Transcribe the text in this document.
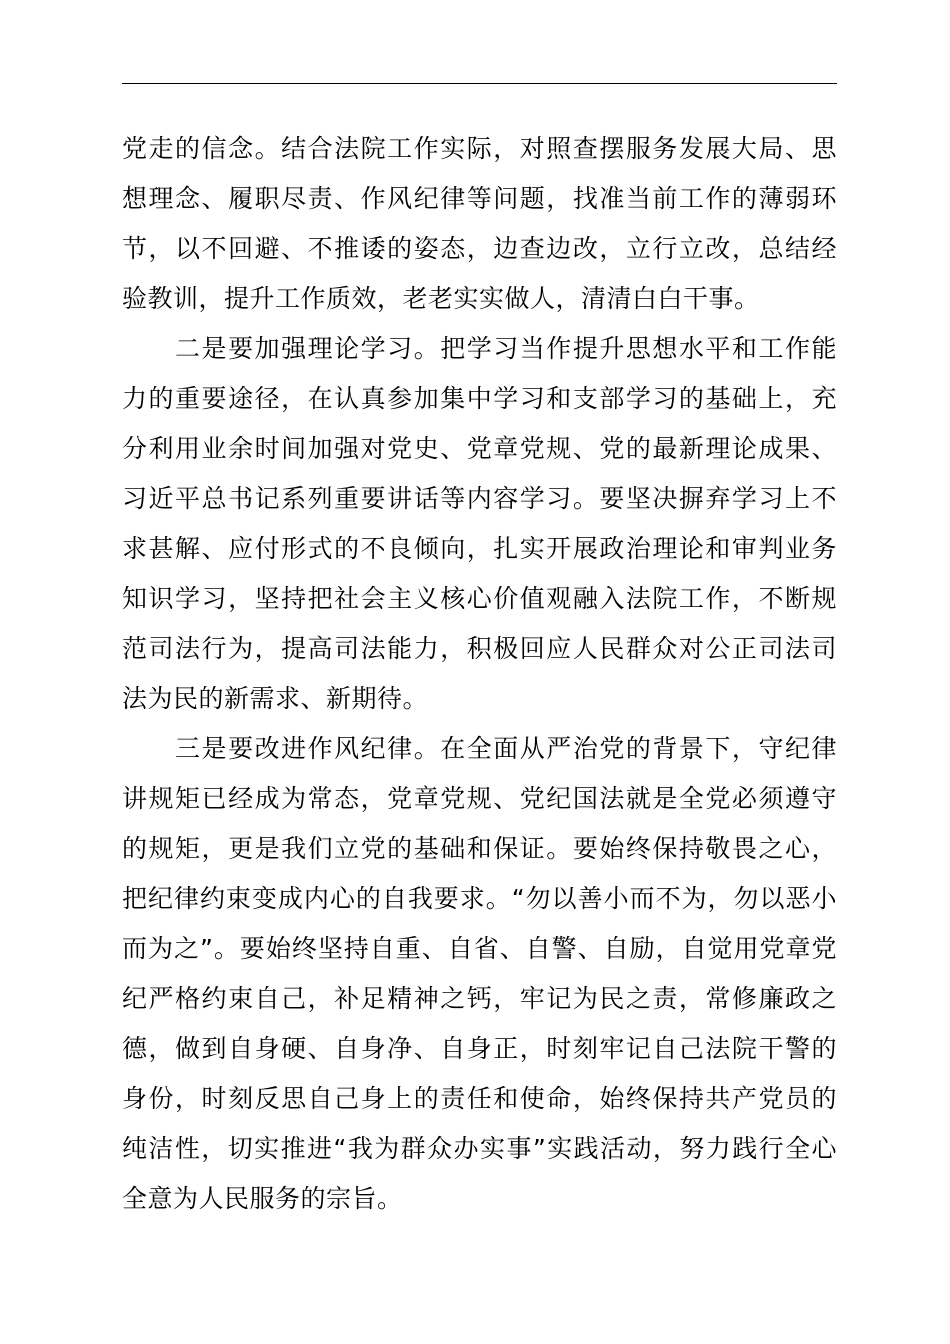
党走的信念。结合法院工作实际，对照查摆服务发展大局、思
想理念、履职尽责、作风纪律等问题，找准当前工作的薄弱环
节，以不回避、不推诿的姿态，边查边改，立行立改，总结经
验教训，提升工作质效，老老实实做人，清清白白干事。
　　二是要加强理论学习。把学习当作提升思想水平和工作能
力的重要途径，在认真参加集中学习和支部学习的基础上，充
分利用业余时间加强对党史、党章党规、党的最新理论成果、
习近平总书记系列重要讲话等内容学习。要坚决摒弃学习上不
求甚解、应付形式的不良倾向，扎实开展政治理论和审判业务
知识学习，坚持把社会主义核心价值观融入法院工作，不断规
范司法行为，提高司法能力，积极回应人民群众对公正司法司
法为民的新需求、新期待。
　　三是要改进作风纪律。在全面从严治党的背景下，守纪律
讲规矩已经成为常态，党章党规、党纪国法就是全党必须遵守
的规矩，更是我们立党的基础和保证。要始终保持敬畏之心，
把纪律约束变成内心的自我要求。“勿以善小而不为，勿以恶小
而为之”。要始终坚持自重、自省、自警、自励，自觉用党章党
纪严格约束自己，补足精神之钙，牢记为民之责，常修廉政之
德，做到自身硬、自身净、自身正，时刻牢记自己法院干警的
身份，时刻反思自己身上的责任和使命，始终保持共产党员的
纯洁性，切实推进“我为群众办实事”实践活动，努力践行全心
全意为人民服务的宗旨。
